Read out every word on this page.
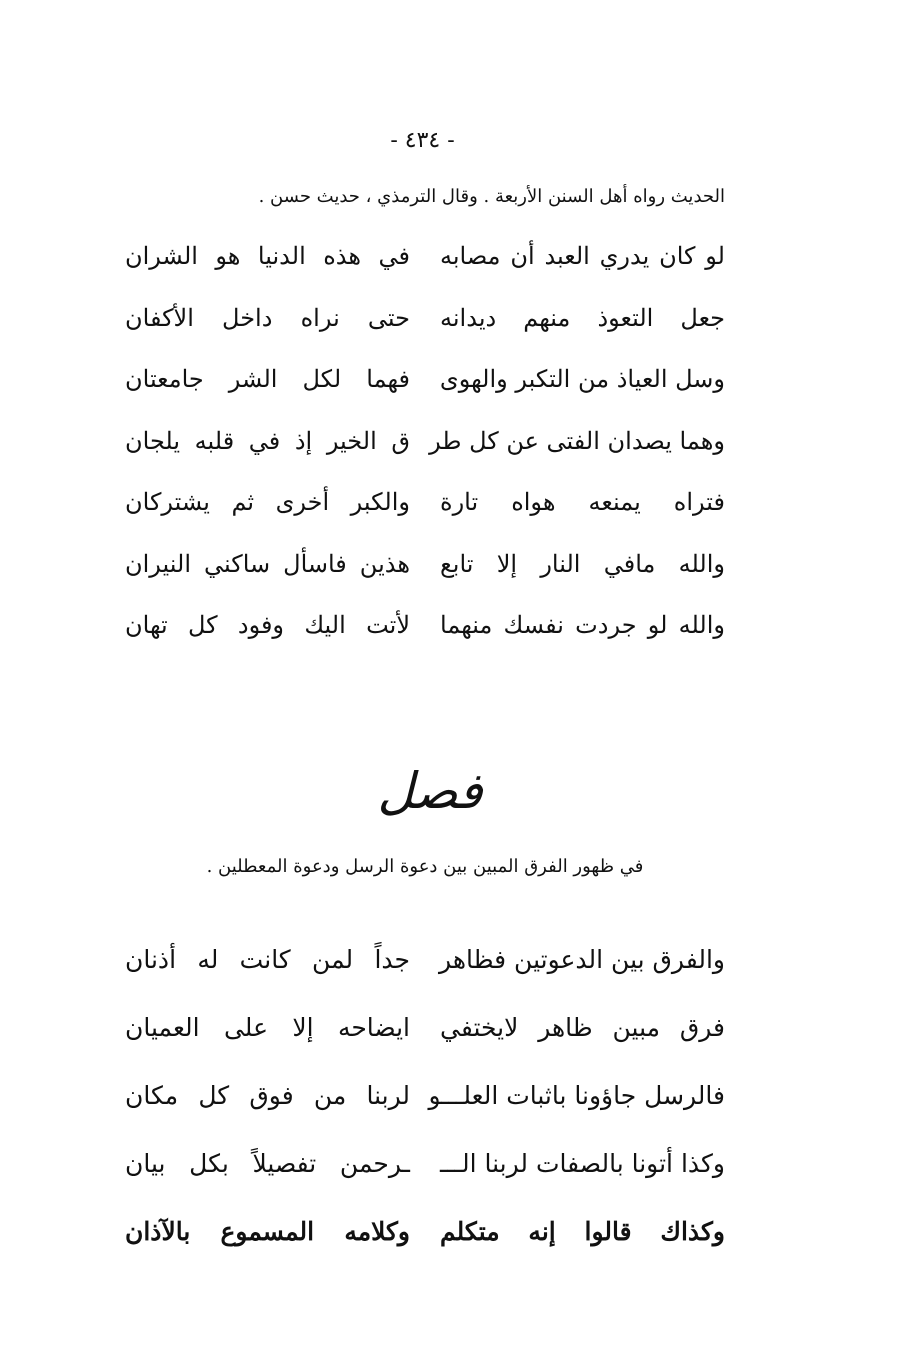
- ٤٣٤ -
الحديث رواه أهل السنن الأربعة . وقال الترمذي ، حديث حسن .
لو كان يدري العبد أن مصابه
في هذه الدنيا هو الشران
جعل التعوذ منهم ديدانه
حتى نراه داخل الأكفان
وسل العياذ من التكبر والهوى
فهما لكل الشر جامعتان
وهما يصدان الفتى عن كل طر
ق الخير إذ في قلبه يلجان
فتراه يمنعه هواه تارة
والكبر أخرى ثم يشتركان
والله مافي النار إلا تابع
هذين فاسأل ساكني النيران
والله لو جردت نفسك منهما
لأتت اليك وفود كل تهان
فصل
في ظهور الفرق المبين بين دعوة الرسل ودعوة المعطلين .
والفرق بين الدعوتين فظاهر
جداً لمن كانت له أذنان
فرق مبين ظاهر لايختفي
ايضاحه إلا على العميان
فالرسل جاؤونا باثبات العلـــو
لربنا من فوق كل مكان
وكذا أتونا بالصفات لربنا الـــ
ـرحمن تفصيلاً بكل بيان
وكذاك قالوا إنه متكلم
وكلامه المسموع بالآذان
